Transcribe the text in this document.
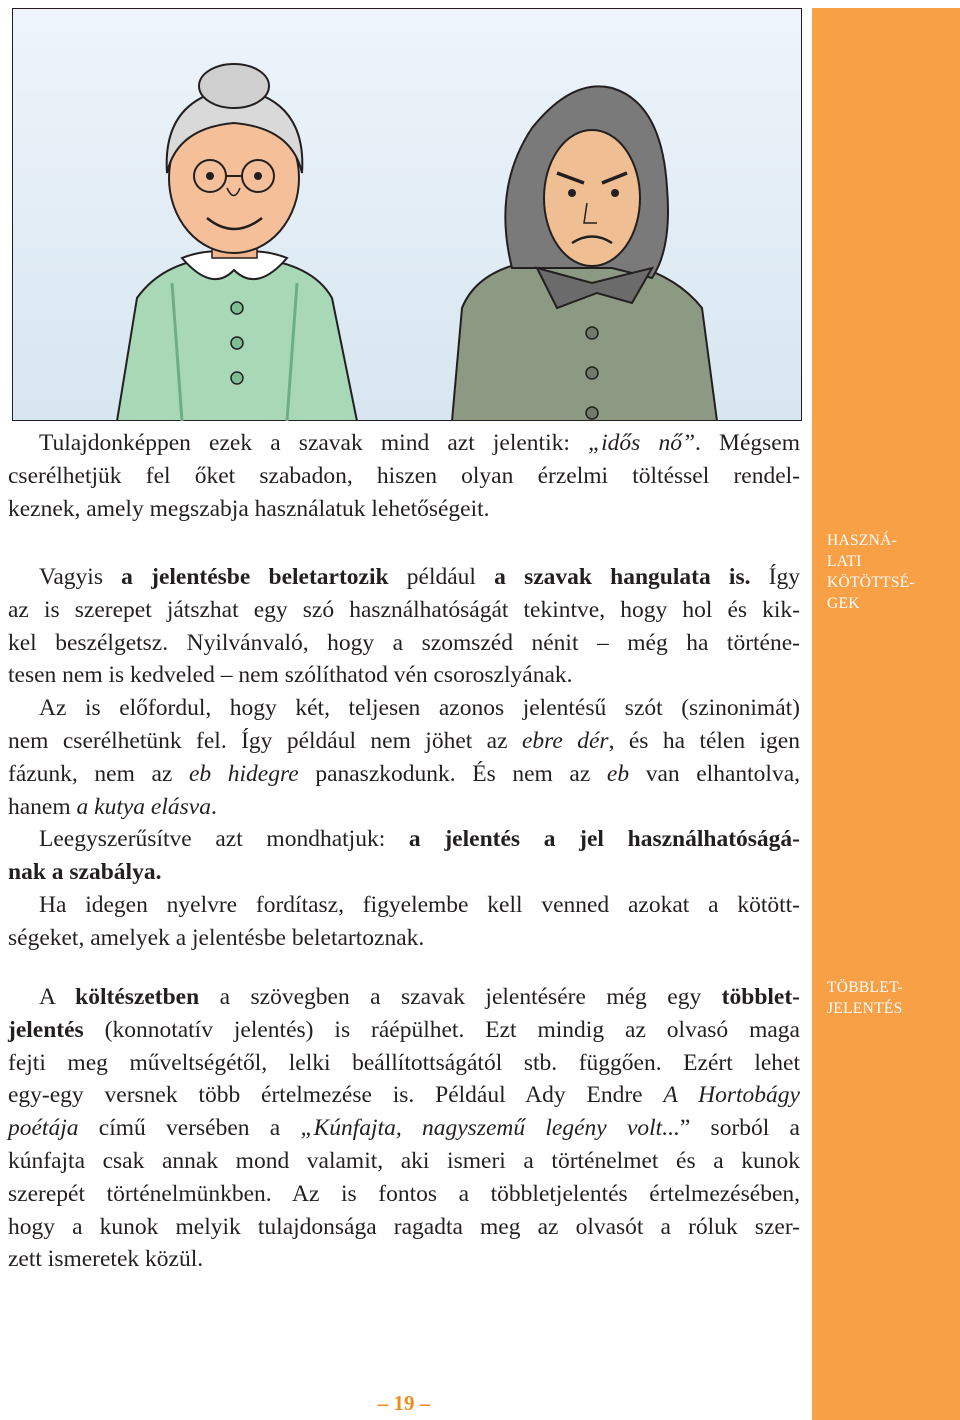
HASZNÁ-
LATI
KÖTÖTTSÉ-
GEK
TÖBBLET-
JELENTÉS
Tulajdonképpen ezek a szavak mind azt jelentik: „idős nő”. Mégsem
cserélhetjük fel őket szabadon, hiszen olyan érzelmi töltéssel rendel-
keznek, amely megszabja használatuk lehetőségeit.
Vagyis a jelentésbe beletartozik például a szavak hangulata is. Így
az is szerepet játszhat egy szó használhatóságát tekintve, hogy hol és kik-
kel beszélgetsz. Nyilvánvaló, hogy a szomszéd nénit – még ha történe-
tesen nem is kedveled – nem szólíthatod vén csoroszlyának.
Az is előfordul, hogy két, teljesen azonos jelentésű szót (szinonimát)
nem cserélhetünk fel. Így például nem jöhet az ebre dér, és ha télen igen
fázunk, nem az eb hidegre panaszkodunk. És nem az eb van elhantolva,
hanem a kutya elásva.
Leegyszerűsítve azt mondhatjuk: a jelentés a jel használhatóságá-
nak a szabálya.
Ha idegen nyelvre fordítasz, figyelembe kell venned azokat a kötött-
ségeket, amelyek a jelentésbe beletartoznak.
A költészetben a szövegben a szavak jelentésére még egy többlet-
jelentés (konnotatív jelentés) is ráépülhet. Ezt mindig az olvasó maga
fejti meg műveltségétől, lelki beállítottságától stb. függően. Ezért lehet
egy-egy versnek több értelmezése is. Például Ady Endre A Hortobágy
poétája című versében a „Kúnfajta, nagyszemű legény volt...” sorból a
kúnfajta csak annak mond valamit, aki ismeri a történelmet és a kunok
szerepét történelmünkben. Az is fontos a többletjelentés értelmezésében,
hogy a kunok melyik tulajdonsága ragadta meg az olvasót a róluk szer-
zett ismeretek közül.
– 19 –
